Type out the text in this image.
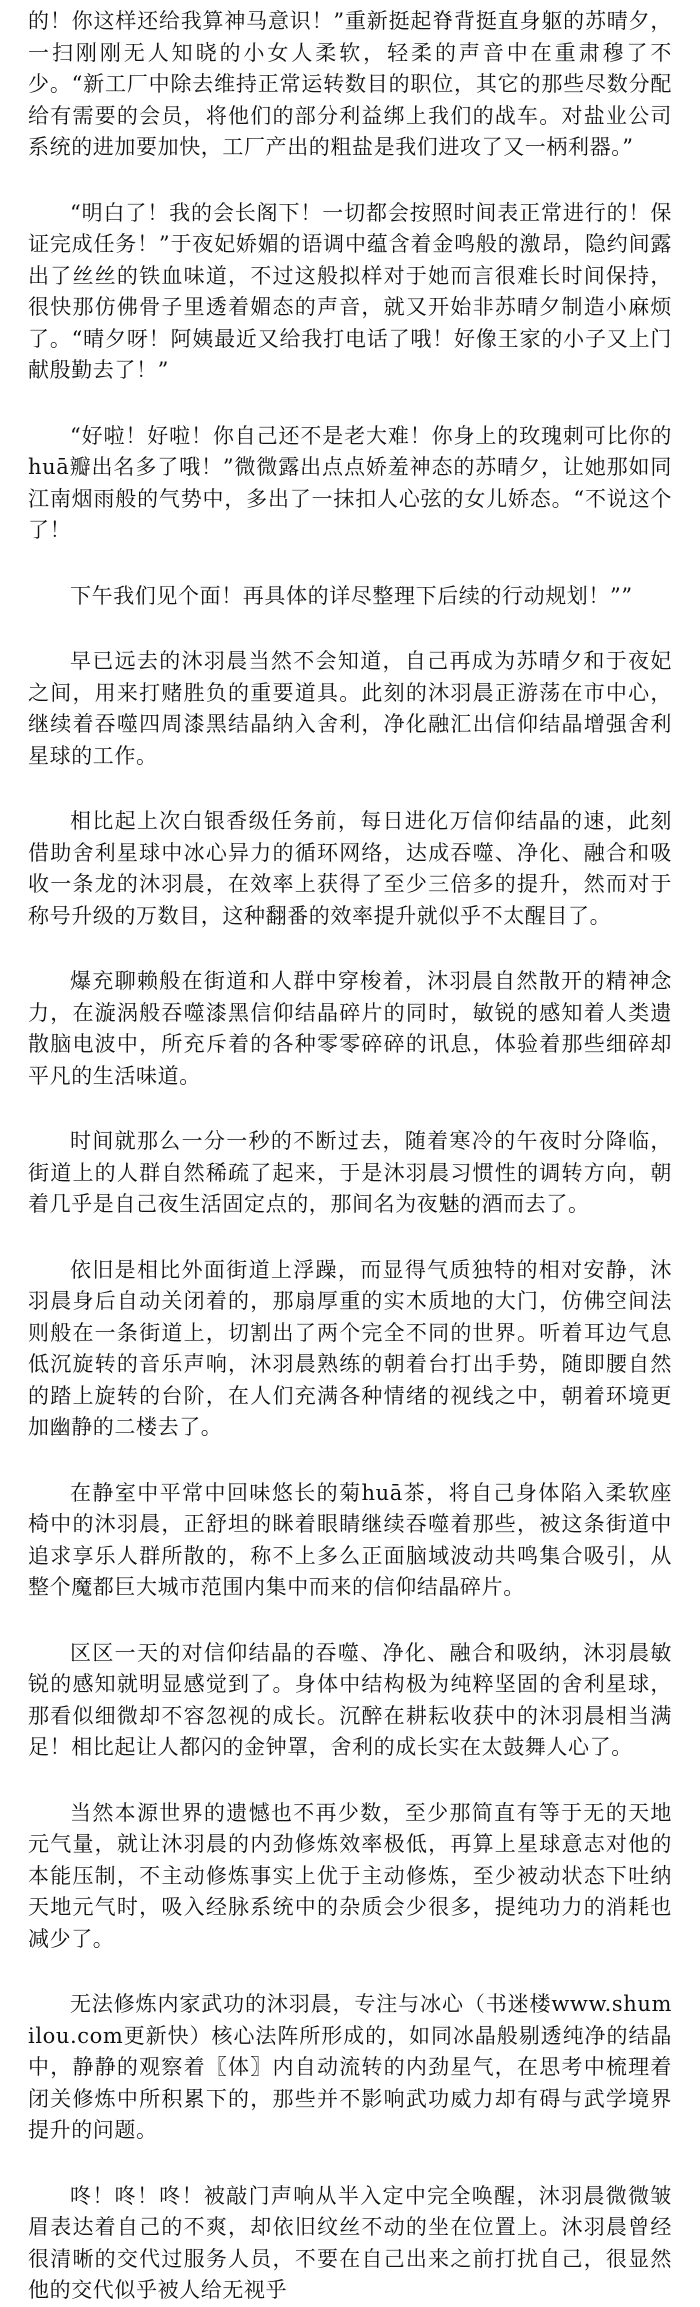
的！你这样还给我算神马意识！”重新挺起脊背挺直身躯的苏晴夕，一扫刚刚无人知晓的小女人柔软，轻柔的声音中在重肃穆了不少。“新工厂中除去维持正常运转数目的职位，其它的那些尽数分配给有需要的会员，将他们的部分利益绑上我们的战车。对盐业公司系统的进加要加快，工厂产出的粗盐是我们进攻了又一柄利器。”

“明白了！我的会长阁下！一切都会按照时间表正常进行的！保证完成任务！”于夜妃娇媚的语调中蕴含着金鸣般的激昂，隐约间露出了丝丝的铁血味道，不过这般拟样对于她而言很难长时间保持，很快那仿佛骨子里透着媚态的声音，就又开始非苏晴夕制造小麻烦了。“晴夕呀！阿姨最近又给我打电话了哦！好像王家的小子又上门献殷勤去了！”

“好啦！好啦！你自己还不是老大难！你身上的玫瑰刺可比你的huā瓣出名多了哦！”微微露出点点娇羞神态的苏晴夕，让她那如同江南烟雨般的气势中，多出了一抹扣人心弦的女儿娇态。“不说这个了！

下午我们见个面！再具体的详尽整理下后续的行动规划！””

早已远去的沐羽晨当然不会知道，自己再成为苏晴夕和于夜妃之间，用来打赌胜负的重要道具。此刻的沐羽晨正游荡在市中心，继续着吞噬四周漆黑结晶纳入舍利，净化融汇出信仰结晶增强舍利星球的工作。

相比起上次白银香级任务前，每日进化万信仰结晶的速，此刻借助舍利星球中冰心异力的循环网络，达成吞噬、净化、融合和吸收一条龙的沐羽晨，在效率上获得了至少三倍多的提升，然而对于称号升级的万数目，这种翻番的效率提升就似乎不太醒目了。

爆充聊赖般在街道和人群中穿梭着，沐羽晨自然散开的精神念力，在漩涡般吞噬漆黑信仰结晶碎片的同时，敏锐的感知着人类遗散脑电波中，所充斥着的各种零零碎碎的讯息，体验着那些细碎却平凡的生活味道。

时间就那么一分一秒的不断过去，随着寒冷的午夜时分降临，街道上的人群自然稀疏了起来，于是沐羽晨习惯性的调转方向，朝着几乎是自己夜生活固定点的，那间名为夜魅的酒而去了。

依旧是相比外面街道上浮躁，而显得气质独特的相对安静，沐羽晨身后自动关闭着的，那扇厚重的实木质地的大门，仿佛空间法则般在一条街道上，切割出了两个完全不同的世界。听着耳边气息低沉旋转的音乐声响，沐羽晨熟练的朝着台打出手势，随即腰自然的踏上旋转的台阶，在人们充满各种情绪的视线之中，朝着环境更加幽静的二楼去了。

在静室中平常中回味悠长的菊huā茶，将自己身体陷入柔软座椅中的沐羽晨，正舒坦的眯着眼睛继续吞噬着那些，被这条街道中追求享乐人群所散的，称不上多么正面脑域波动共鸣集合吸引，从整个魔都巨大城市范围内集中而来的信仰结晶碎片。

区区一天的对信仰结晶的吞噬、净化、融合和吸纳，沐羽晨敏锐的感知就明显感觉到了。身体中结构极为纯粹坚固的舍利星球，那看似细微却不容忽视的成长。沉醉在耕耘收获中的沐羽晨相当满足！相比起让人都闪的金钟罩，舍利的成长实在太鼓舞人心了。

当然本源世界的遗憾也不再少数，至少那简直有等于无的天地元气量，就让沐羽晨的内劲修炼效率极低，再算上星球意志对他的本能压制，不主动修炼事实上优于主动修炼，至少被动状态下吐纳天地元气时，吸入经脉系统中的杂质会少很多，提纯功力的消耗也减少了。

无法修炼内家武功的沐羽晨，专注与冰心（书迷楼www.shumilou.com更新快）核心法阵所形成的，如同冰晶般剔透纯净的结晶中，静静的观察着〖体〗内自动流转的内劲星气，在思考中梳理着闭关修炼中所积累下的，那些并不影响武功威力却有碍与武学境界提升的问题。

咚！咚！咚！被敲门声响从半入定中完全唤醒，沐羽晨微微皱眉表达着自己的不爽，却依旧纹丝不动的坐在位置上。沐羽晨曾经很清晰的交代过服务人员，不要在自己出来之前打扰自己，很显然他的交代似乎被人给无视乎
